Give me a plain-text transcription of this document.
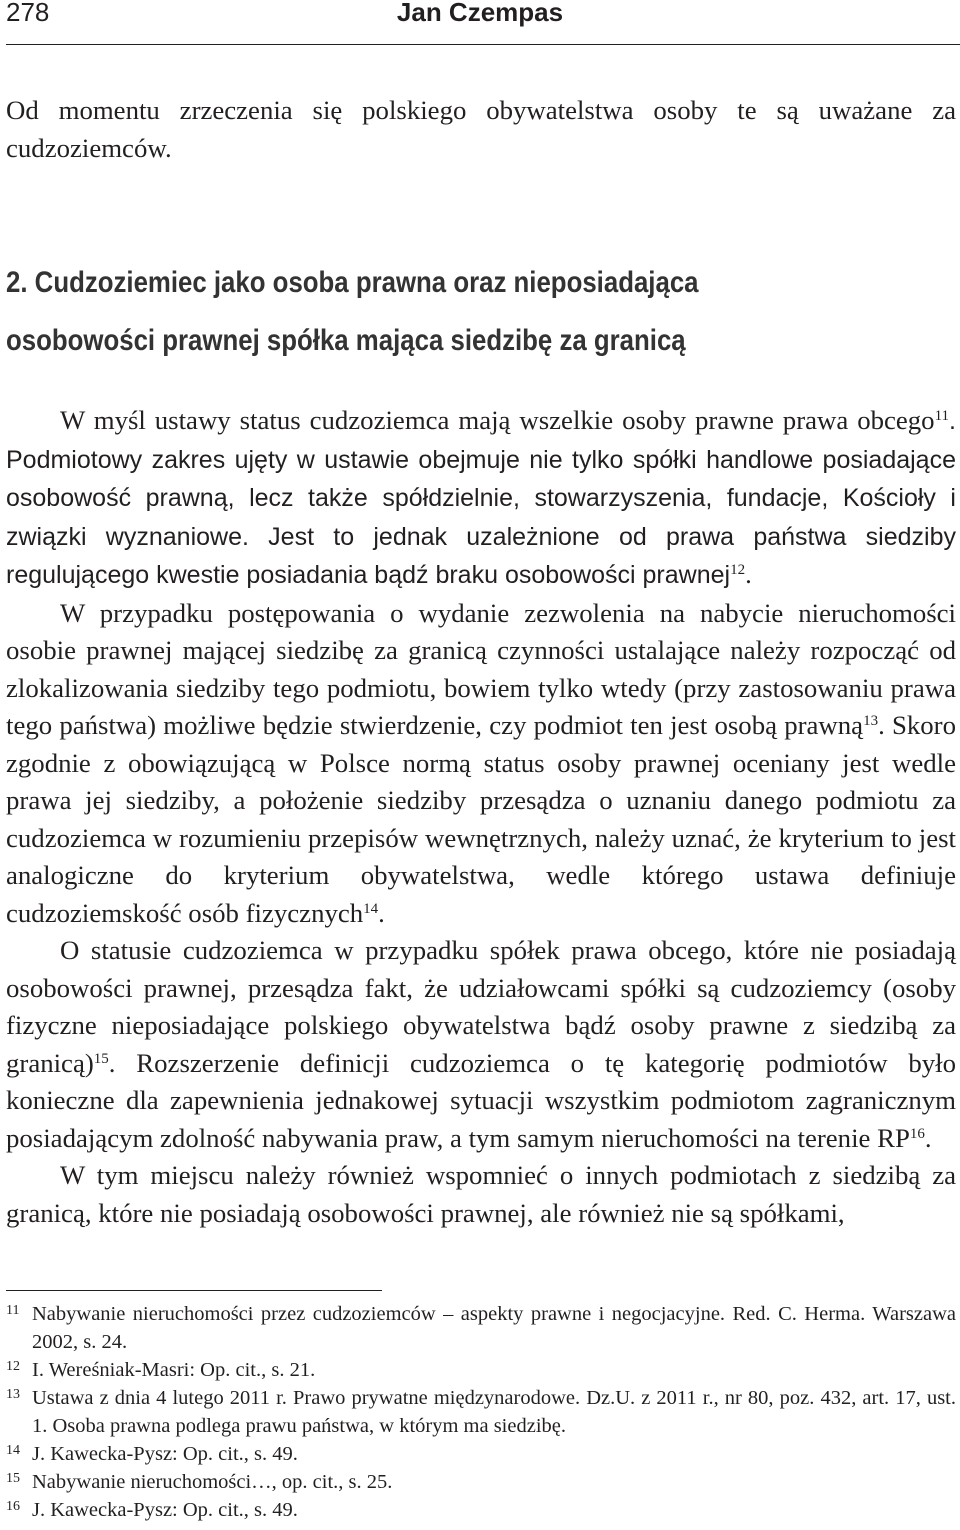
278	Jan Czempas

Od momentu zrzeczenia się polskiego obywatelstwa osoby te są uważane za cudzoziemców.

2. Cudzoziemiec jako osoba prawna oraz nieposiadająca
osobowości prawnej spółka mająca siedzibę za granicą
W myśl ustawy status cudzoziemca mają wszelkie osoby prawne prawa obcego$^{11}$. Podmiotowy zakres ujęty w ustawie obejmuje nie tylko spółki handlowe posiadające osobowość prawną, lecz także spółdzielnie, stowarzyszenia, fundacje, Kościoły i związki wyznaniowe. Jest to jednak uzależnione od prawa państwa siedziby regulującego kwestie posiadania bądź braku osobowości prawnej$^{12}$.
W przypadku postępowania o wydanie zezwolenia na nabycie nieruchomości osobie prawnej mającej siedzibę za granicą czynności ustalające należy rozpocząć od zlokalizowania siedziby tego podmiotu, bowiem tylko wtedy (przy zastosowaniu prawa tego państwa) możliwe będzie stwierdzenie, czy podmiot ten jest osobą prawną$^{13}$. Skoro zgodnie z obowiązującą w Polsce normą status osoby prawnej oceniany jest wedle prawa jej siedziby, a położenie siedziby przesądza o uznaniu danego podmiotu za cudzoziemca w rozumieniu przepisów wewnętrznych, należy uznać, że kryterium to jest analogiczne do kryterium obywatelstwa, wedle którego ustawa definiuje cudzoziemskość osób fizycznych$^{14}$.
O statusie cudzoziemca w przypadku spółek prawa obcego, które nie posiadają osobowości prawnej, przesądza fakt, że udziałowcami spółki są cudzoziemcy (osoby fizyczne nieposiadające polskiego obywatelstwa bądź osoby prawne z siedzibą za granicą)$^{15}$. Rozszerzenie definicji cudzoziemca o tę kategorię podmiotów było konieczne dla zapewnienia jednakowej sytuacji wszystkim podmiotom zagranicznym posiadającym zdolność nabywania praw, a tym samym nieruchomości na terenie RP$^{16}$.
W tym miejscu należy również wspomnieć o innych podmiotach z siedzibą za granicą, które nie posiadają osobowości prawnej, ale również nie są spółkami,
11 Nabywanie nieruchomości przez cudzoziemców – aspekty prawne i negocjacyjne. Red. C. Herma. Warszawa 2002, s. 24.
12 I. Wereśniak-Masri: Op. cit., s. 21.
13 Ustawa z dnia 4 lutego 2011 r. Prawo prywatne międzynarodowe. Dz.U. z 2011 r., nr 80, poz. 432, art. 17, ust. 1. Osoba prawna podlega prawu państwa, w którym ma siedzibę.
14 J. Kawecka-Pysz: Op. cit., s. 49.
15 Nabywanie nieruchomości…, op. cit., s. 25.
16 J. Kawecka-Pysz: Op. cit., s. 49.
